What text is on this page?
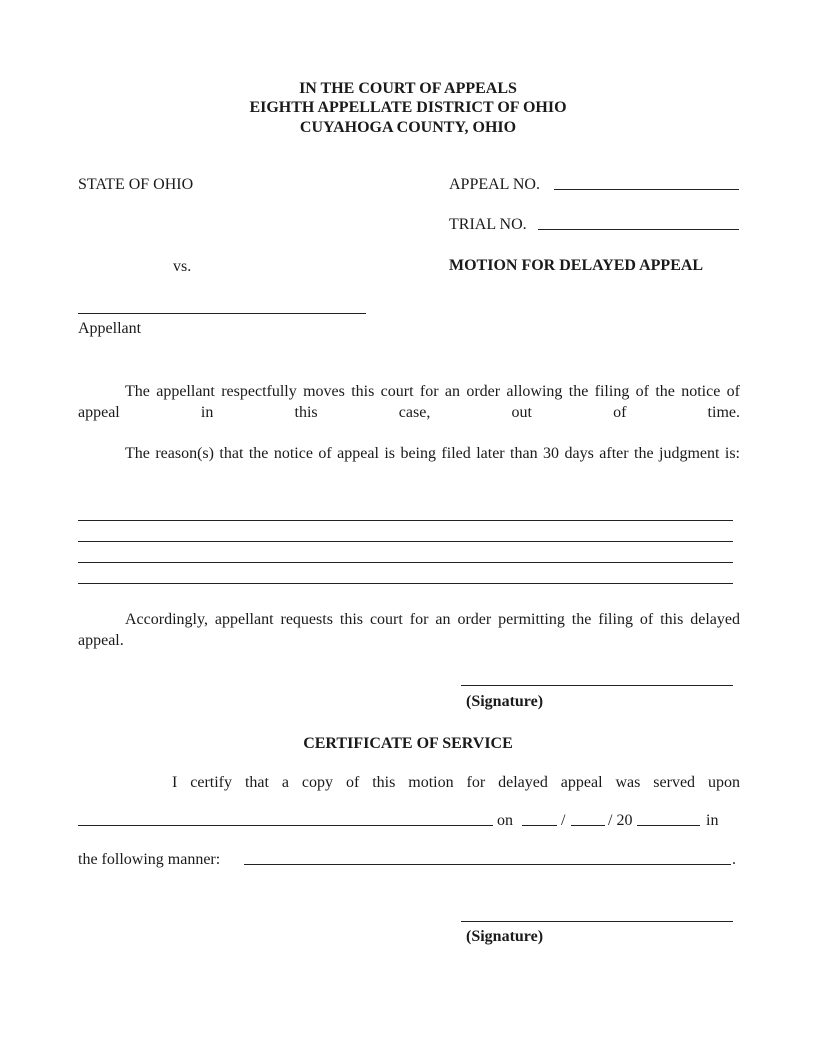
IN THE COURT OF APPEALS
EIGHTH APPELLATE DISTRICT OF OHIO
CUYAHOGA COUNTY, OHIO
STATE OF OHIO	APPEAL NO.
TRIAL NO.
vs.	MOTION FOR DELAYED APPEAL
Appellant
The appellant respectfully moves this court for an order allowing the filing of the notice of appeal in this case, out of time.
The reason(s) that the notice of appeal is being filed later than 30 days after the judgment is:
Accordingly, appellant requests this court for an order permitting the filing of this delayed appeal.
(Signature)
CERTIFICATE OF SERVICE
I certify that a copy of this motion for delayed appeal was served upon
on	/	/ 20	in
the following manner:	.
(Signature)
